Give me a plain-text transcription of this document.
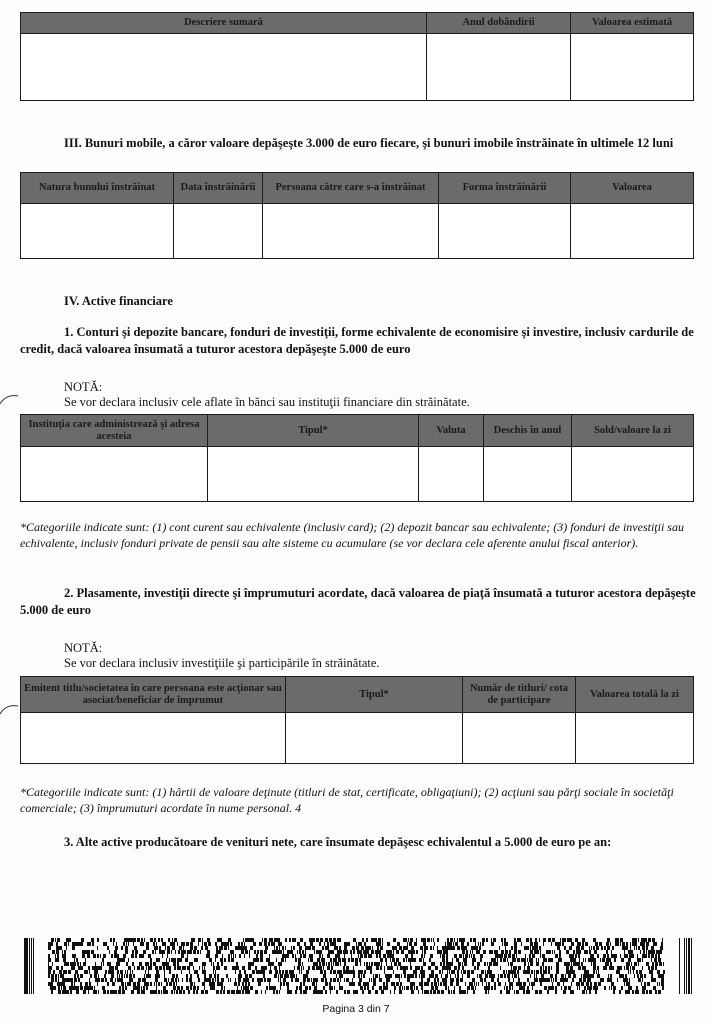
Descriere sumară	Anul dobândirii	Valoarea estimată

III. Bunuri mobile, a căror valoare depăşeşte 3.000 de euro fiecare, şi bunuri imobile înstrăinate în ultimele 12 luni
Natura bunului înstrăinat	Data înstrăinării	Persoana către care s-a înstrăinat	Forma înstrăinării	Valoarea

IV. Active financiare
1. Conturi şi depozite bancare, fonduri de investiţii, forme echivalente de economisire şi investire, inclusiv cardurile de credit, dacă valoarea însumată a tuturor acestora depăşeşte 5.000 de euro
NOTĂ:
Se vor declara inclusiv cele aflate în bănci sau instituţii financiare din străinătate.
Instituţia care administrează şi adresa acesteia	Tipul*	Valuta	Deschis în anul	Sold/valoare la zi

*Categoriile indicate sunt: (1) cont curent sau echivalente (inclusiv card); (2) depozit bancar sau echivalente; (3) fonduri de investiţii sau echivalente, inclusiv fonduri private de pensii sau alte sisteme cu acumulare (se vor declara cele aferente anului fiscal anterior).
2. Plasamente, investiţii directe şi împrumuturi acordate, dacă valoarea de piaţă însumată a tuturor acestora depăşeşte 5.000 de euro
NOTĂ:
Se vor declara inclusiv investiţiile şi participările în străinătate.
Emitent titlu/societatea în care persoana este acţionar sau asociat/beneficiar de împrumut	Tipul*	Număr de titluri/ cota de participare	Valoarea totală la zi

*Categoriile indicate sunt: (1) hârtii de valoare deţinute (titluri de stat, certificate, obligaţiuni); (2) acţiuni sau părţi sociale în societăţi comerciale; (3) împrumuturi acordate în nume personal. 4
3. Alte active producătoare de venituri nete, care însumate depăşesc echivalentul a 5.000 de euro pe an:
Pagina 3 din 7
